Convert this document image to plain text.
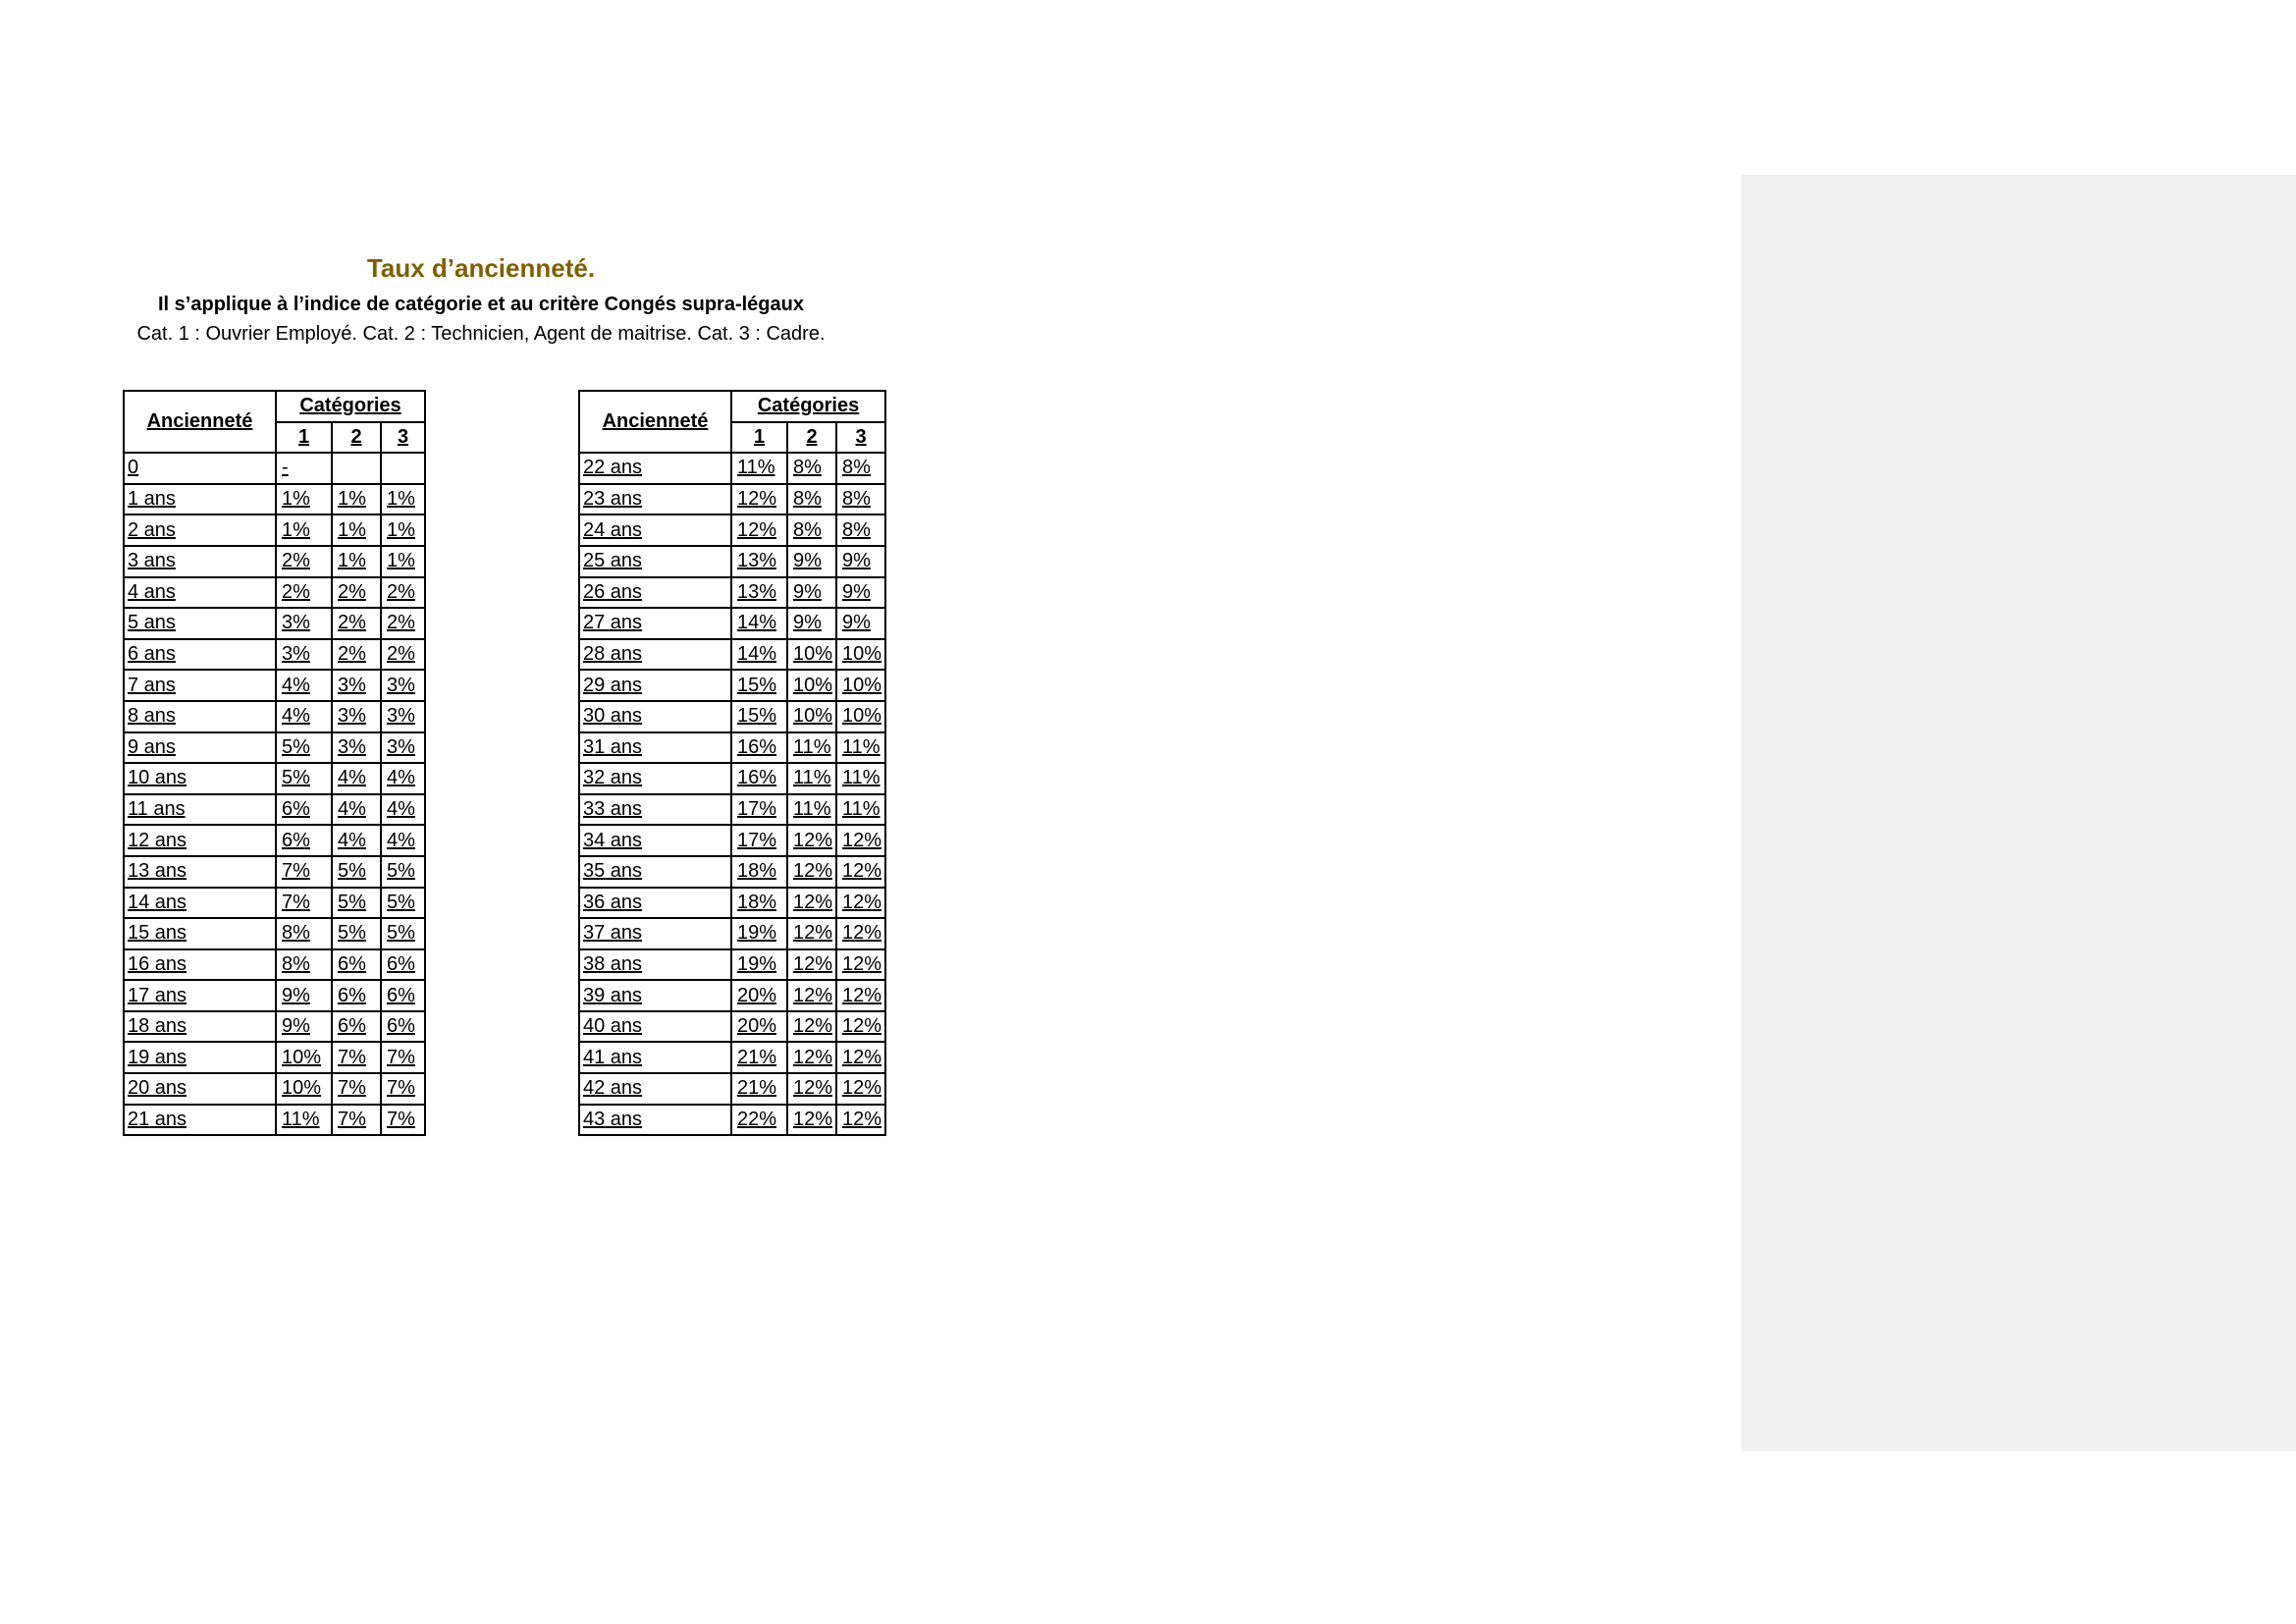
Taux d’ancienneté.
Il s’applique à l’indice de catégorie et au critère Congés supra-légaux
Cat. 1 : Ouvrier Employé. Cat. 2 : Technicien, Agent de maitrise. Cat. 3 : Cadre.
Ancienneté	Catégories		
	1	2	3
0	-		
1 ans	1%	1%	1%
2 ans	1%	1%	1%
3 ans	2%	1%	1%
4 ans	2%	2%	2%
5 ans	3%	2%	2%
6 ans	3%	2%	2%
7 ans	4%	3%	3%
8 ans	4%	3%	3%
9 ans	5%	3%	3%
10 ans	5%	4%	4%
11 ans	6%	4%	4%
12 ans	6%	4%	4%
13 ans	7%	5%	5%
14 ans	7%	5%	5%
15 ans	8%	5%	5%
16 ans	8%	6%	6%
17 ans	9%	6%	6%
18 ans	9%	6%	6%
19 ans	10%	7%	7%
20 ans	10%	7%	7%
21 ans	11%	7%	7%
Ancienneté	Catégories		
	1	2	3
22 ans	11%	8%	8%
23 ans	12%	8%	8%
24 ans	12%	8%	8%
25 ans	13%	9%	9%
26 ans	13%	9%	9%
27 ans	14%	9%	9%
28 ans	14%	10%	10%
29 ans	15%	10%	10%
30 ans	15%	10%	10%
31 ans	16%	11%	11%
32 ans	16%	11%	11%
33 ans	17%	11%	11%
34 ans	17%	12%	12%
35 ans	18%	12%	12%
36 ans	18%	12%	12%
37 ans	19%	12%	12%
38 ans	19%	12%	12%
39 ans	20%	12%	12%
40 ans	20%	12%	12%
41 ans	21%	12%	12%
42 ans	21%	12%	12%
43 ans	22%	12%	12%
